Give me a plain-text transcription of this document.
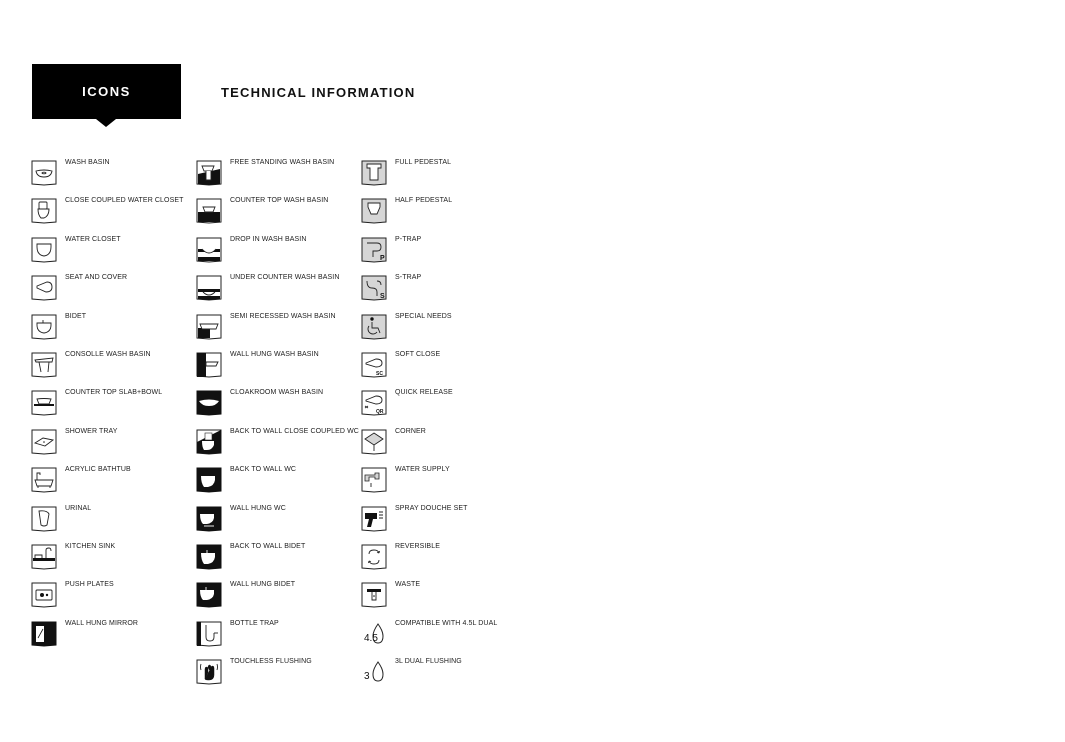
ICONS	TECHNICAL INFORMATION
WASH BASIN
CLOSE COUPLED WATER CLOSET
WATER CLOSET
SEAT AND COVER
BIDET
CONSOLLE WASH BASIN
COUNTER TOP SLAB+BOWL
SHOWER TRAY
ACRYLIC BATHTUB
URINAL
KITCHEN SINK
PUSH PLATES
WALL HUNG MIRROR
FREE STANDING WASH BASIN
COUNTER TOP WASH BASIN
DROP IN WASH BASIN
UNDER COUNTER WASH BASIN
SEMI RECESSED WASH BASIN
WALL HUNG WASH BASIN
CLOAKROOM WASH BASIN
BACK TO WALL CLOSE COUPLED WC
BACK TO WALL WC
WALL HUNG WC
BACK TO WALL BIDET
WALL HUNG BIDET
BOTTLE TRAP
TOUCHLESS FLUSHING
FULL PEDESTAL
HALF PEDESTAL
P
P-TRAP
S
S-TRAP
SPECIAL NEEDS
SC
SOFT CLOSE
QR
QUICK RELEASE
CORNER
WATER SUPPLY
SPRAY DOUCHE SET
REVERSIBLE
WASTE
4.5
COMPATIBLE WITH 4.5L DUAL
3
3L DUAL FLUSHING
